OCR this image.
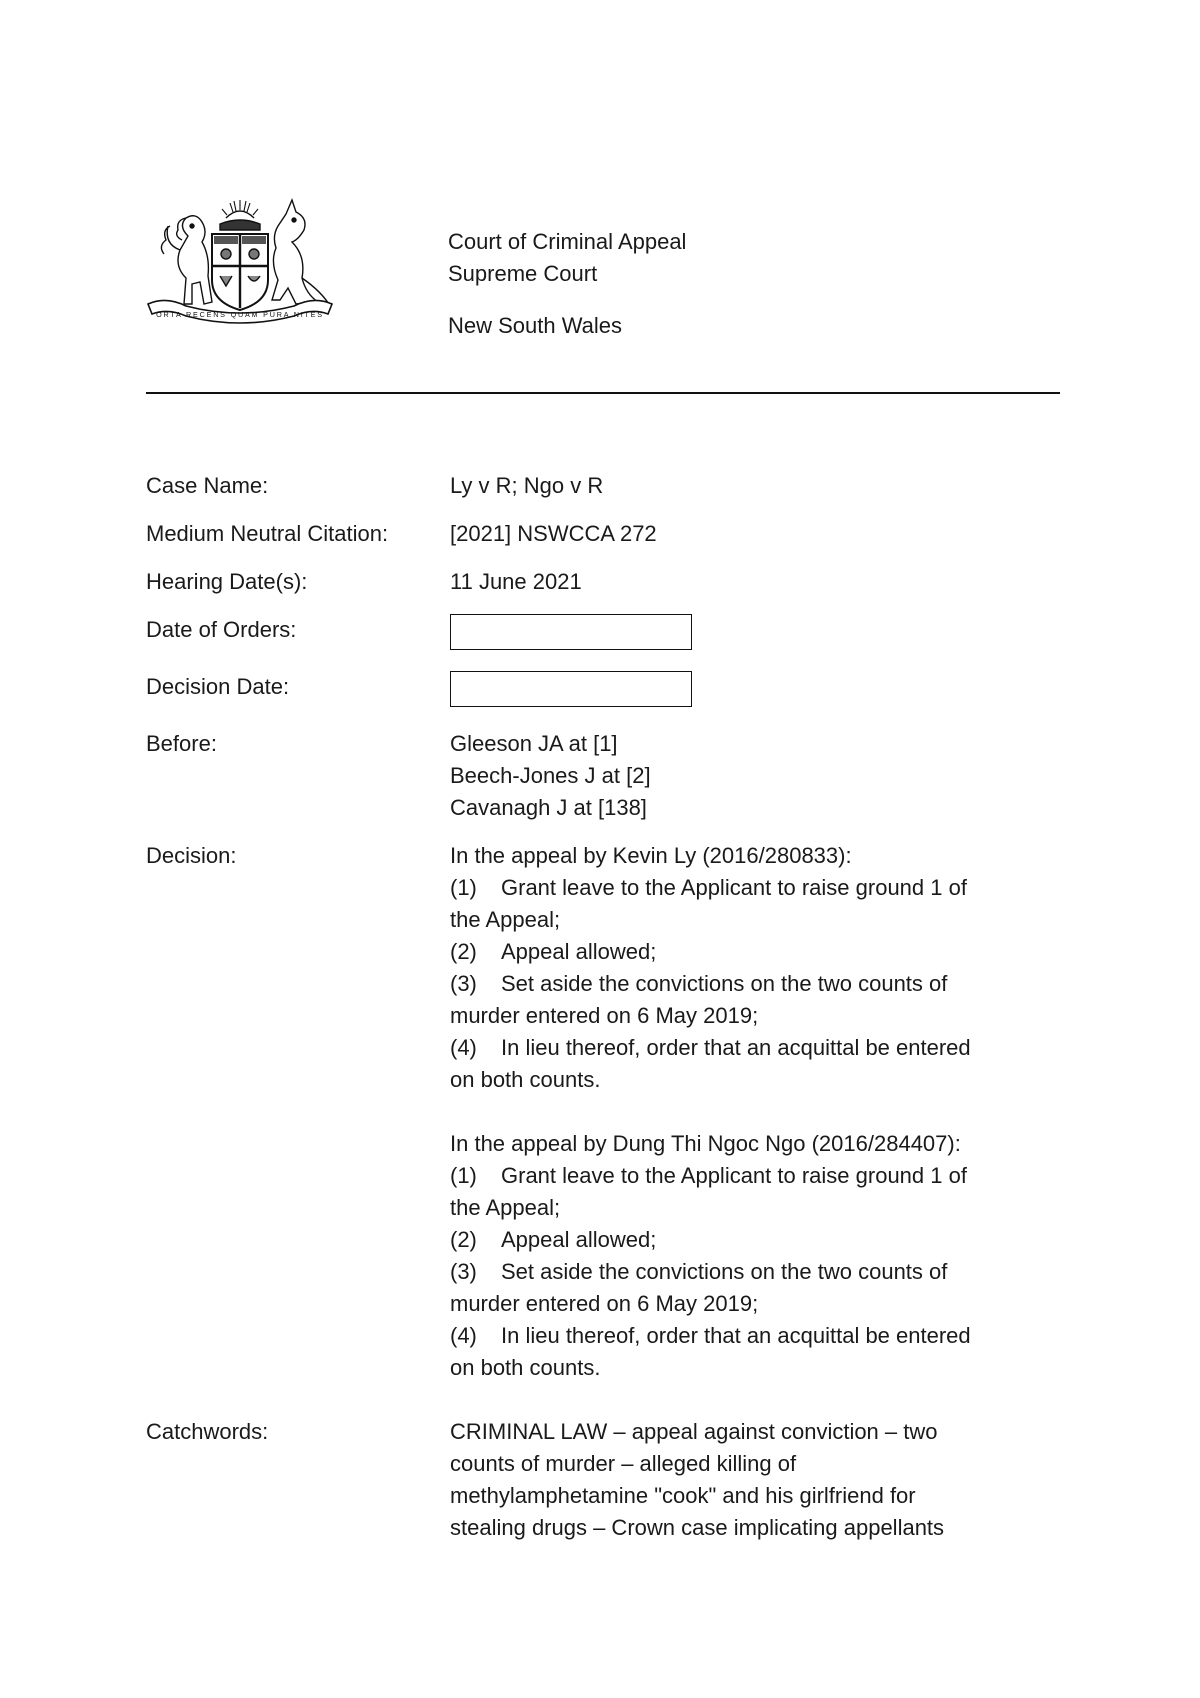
ORTA RECENS QUAM PURA NITES
Court of Criminal Appeal
Supreme Court
New South Wales
Case Name:	Ly v R; Ngo v R
Medium Neutral Citation:	[2021] NSWCCA 272
Hearing Date(s):	11 June 2021
Date of Orders:
Decision Date:
Before:	Gleeson JA at [1]
Beech-Jones J at [2]
Cavanagh J at [138]
Decision:	In the appeal by Kevin Ly (2016/280833):
(1) Grant leave to the Applicant to raise ground 1 of
the Appeal;
(2) Appeal allowed;
(3) Set aside the convictions on the two counts of
murder entered on 6 May 2019;
(4) In lieu thereof, order that an acquittal be entered
on both counts.
In the appeal by Dung Thi Ngoc Ngo (2016/284407):
(1) Grant leave to the Applicant to raise ground 1 of
the Appeal;
(2) Appeal allowed;
(3) Set aside the convictions on the two counts of
murder entered on 6 May 2019;
(4) In lieu thereof, order that an acquittal be entered
on both counts.
Catchwords:	CRIMINAL LAW – appeal against conviction – two
counts of murder – alleged killing of
methylamphetamine "cook" and his girlfriend for
stealing drugs – Crown case implicating appellants
